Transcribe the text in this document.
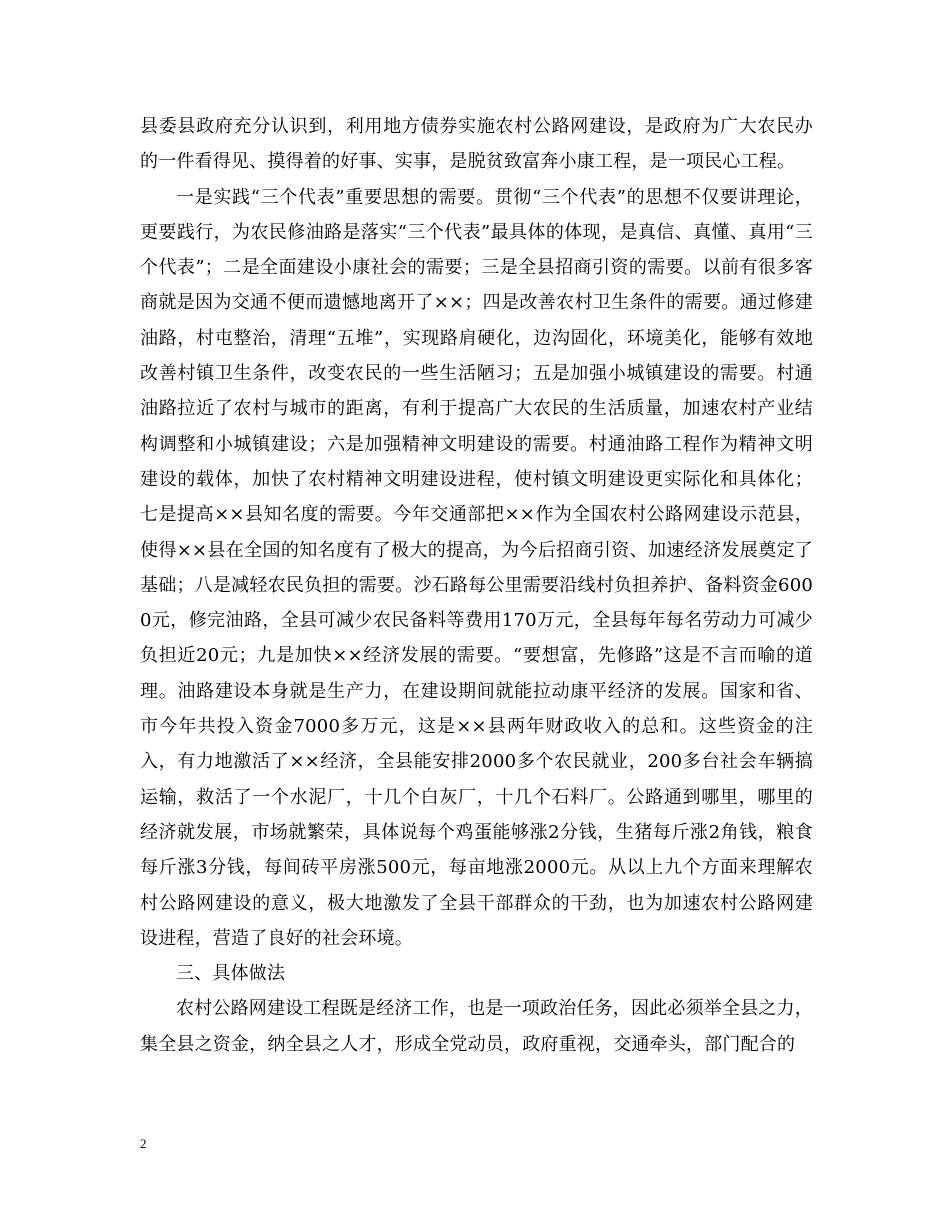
县委县政府充分认识到，利用地方债券实施农村公路网建设，是政府为广大农民办的一件看得见、摸得着的好事、实事，是脱贫致富奔小康工程，是一项民心工程。

一是实践“三个代表”重要思想的需要。贯彻“三个代表”的思想不仅要讲理论，更要践行，为农民修油路是落实“三个代表”最具体的体现，是真信、真懂、真用“三个代表”；二是全面建设小康社会的需要；三是全县招商引资的需要。以前有很多客商就是因为交通不便而遗憾地离开了××；四是改善农村卫生条件的需要。通过修建油路，村屯整治，清理“五堆”，实现路肩硬化，边沟固化，环境美化，能够有效地改善村镇卫生条件，改变农民的一些生活陋习；五是加强小城镇建设的需要。村通油路拉近了农村与城市的距离，有利于提高广大农民的生活质量，加速农村产业结构调整和小城镇建设；六是加强精神文明建设的需要。村通油路工程作为精神文明建设的载体，加快了农村精神文明建设进程，使村镇文明建设更实际化和具体化；七是提高××县知名度的需要。今年交通部把××作为全国农村公路网建设示范县，使得××县在全国的知名度有了极大的提高，为今后招商引资、加速经济发展奠定了基础；八是减轻农民负担的需要。沙石路每公里需要沿线村负担养护、备料资金6000元，修完油路，全县可减少农民备料等费用170万元，全县每年每名劳动力可减少负担近20元；九是加快××经济发展的需要。“要想富，先修路”这是不言而喻的道理。油路建设本身就是生产力，在建设期间就能拉动康平经济的发展。国家和省、市今年共投入资金7000多万元，这是××县两年财政收入的总和。这些资金的注入，有力地激活了××经济，全县能安排2000多个农民就业，200多台社会车辆搞运输，救活了一个水泥厂，十几个白灰厂，十几个石料厂。公路通到哪里，哪里的经济就发展，市场就繁荣，具体说每个鸡蛋能够涨2分钱，生猪每斤涨2角钱，粮食每斤涨3分钱，每间砖平房涨500元，每亩地涨2000元。从以上九个方面来理解农村公路网建设的意义，极大地激发了全县干部群众的干劲，也为加速农村公路网建设进程，营造了良好的社会环境。

三、具体做法

农村公路网建设工程既是经济工作，也是一项政治任务，因此必须举全县之力，集全县之资金，纳全县之人才，形成全党动员，政府重视，交通牵头，部门配合的

2
